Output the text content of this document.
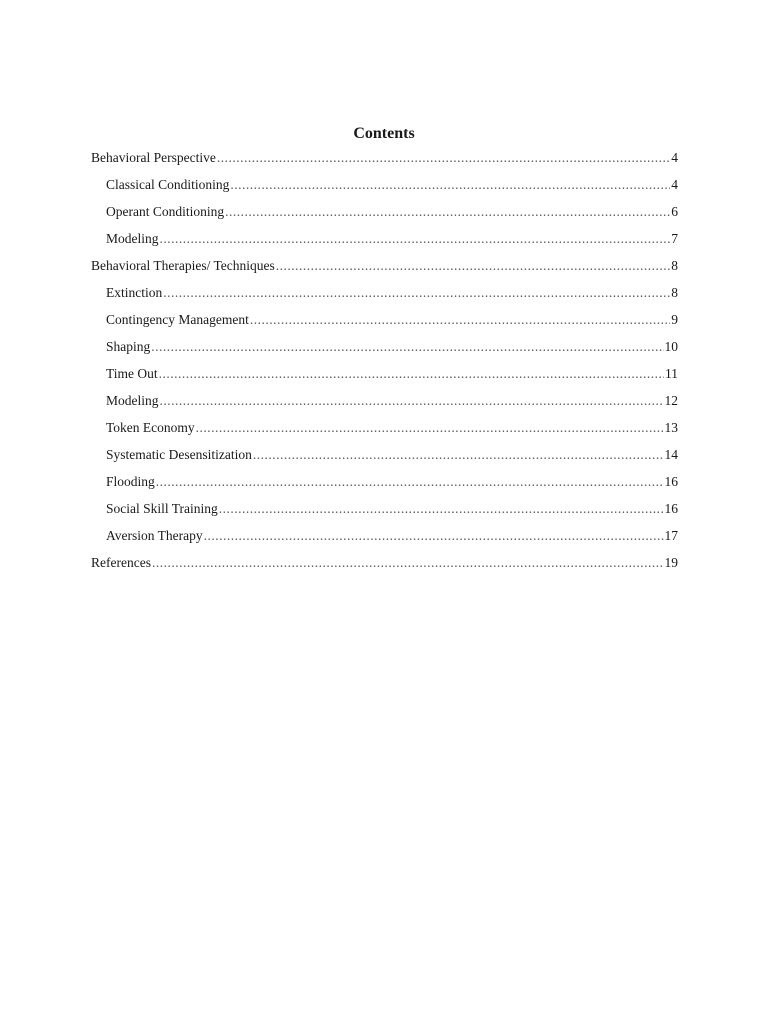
Contents
Behavioral Perspective .....	4
Classical Conditioning .....	4
Operant Conditioning .....	6
Modeling .....	7
Behavioral Therapies/ Techniques .....	8
Extinction .....	8
Contingency Management .....	9
Shaping .....	10
Time Out .....	11
Modeling .....	12
Token Economy .....	13
Systematic Desensitization .....	14
Flooding .....	16
Social Skill Training .....	16
Aversion Therapy .....	17
References .....	19
